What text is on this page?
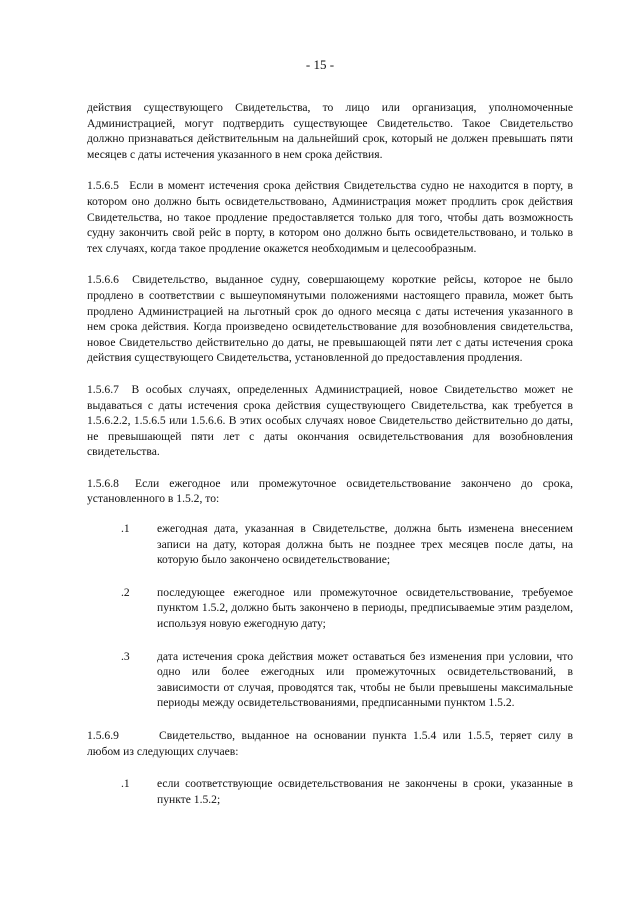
- 15 -

действия существующего Свидетельства, то лицо или организация, уполномоченные Администрацией, могут подтвердить существующее Свидетельство. Такое Свидетельство должно признаваться действительным на дальнейший срок, который не должен превышать пяти месяцев с даты истечения указанного в нем срока действия.

1.5.6.5 Если в момент истечения срока действия Свидетельства судно не находится в порту, в котором оно должно быть освидетельствовано, Администрация может продлить срок действия Свидетельства, но такое продление предоставляется только для того, чтобы дать возможность судну закончить свой рейс в порту, в котором оно должно быть освидетельствовано, и только в тех случаях, когда такое продление окажется необходимым и целесообразным.

1.5.6.6 Свидетельство, выданное судну, совершающему короткие рейсы, которое не было продлено в соответствии с вышеупомянутыми положениями настоящего правила, может быть продлено Администрацией на льготный срок до одного месяца с даты истечения указанного в нем срока действия. Когда произведено освидетельствование для возобновления свидетельства, новое Свидетельство действительно до даты, не превышающей пяти лет с даты истечения срока действия существующего Свидетельства, установленной до предоставления продления.

1.5.6.7 В особых случаях, определенных Администрацией, новое Свидетельство может не выдаваться с даты истечения срока действия существующего Свидетельства, как требуется в 1.5.6.2.2, 1.5.6.5 или 1.5.6.6. В этих особых случаях новое Свидетельство действительно до даты, не превышающей пяти лет с даты окончания освидетельствования для возобновления свидетельства.

1.5.6.8 Если ежегодное или промежуточное освидетельствование закончено до срока, установленного в 1.5.2, то:

.1 ежегодная дата, указанная в Свидетельстве, должна быть изменена внесением записи на дату, которая должна быть не позднее трех месяцев после даты, на которую было закончено освидетельствование;
.2 последующее ежегодное или промежуточное освидетельствование, требуемое пунктом 1.5.2, должно быть закончено в периоды, предписываемые этим разделом, используя новую ежегодную дату;
.3 дата истечения срока действия может оставаться без изменения при условии, что одно или более ежегодных или промежуточных освидетельствований, в зависимости от случая, проводятся так, чтобы не были превышены максимальные периоды между освидетельствованиями, предписанными пунктом 1.5.2.

1.5.6.9	Свидетельство, выданное на основании пункта 1.5.4 или 1.5.5, теряет силу в любом из следующих случаев:

.1 если соответствующие освидетельствования не закончены в сроки, указанные в пункте 1.5.2;
